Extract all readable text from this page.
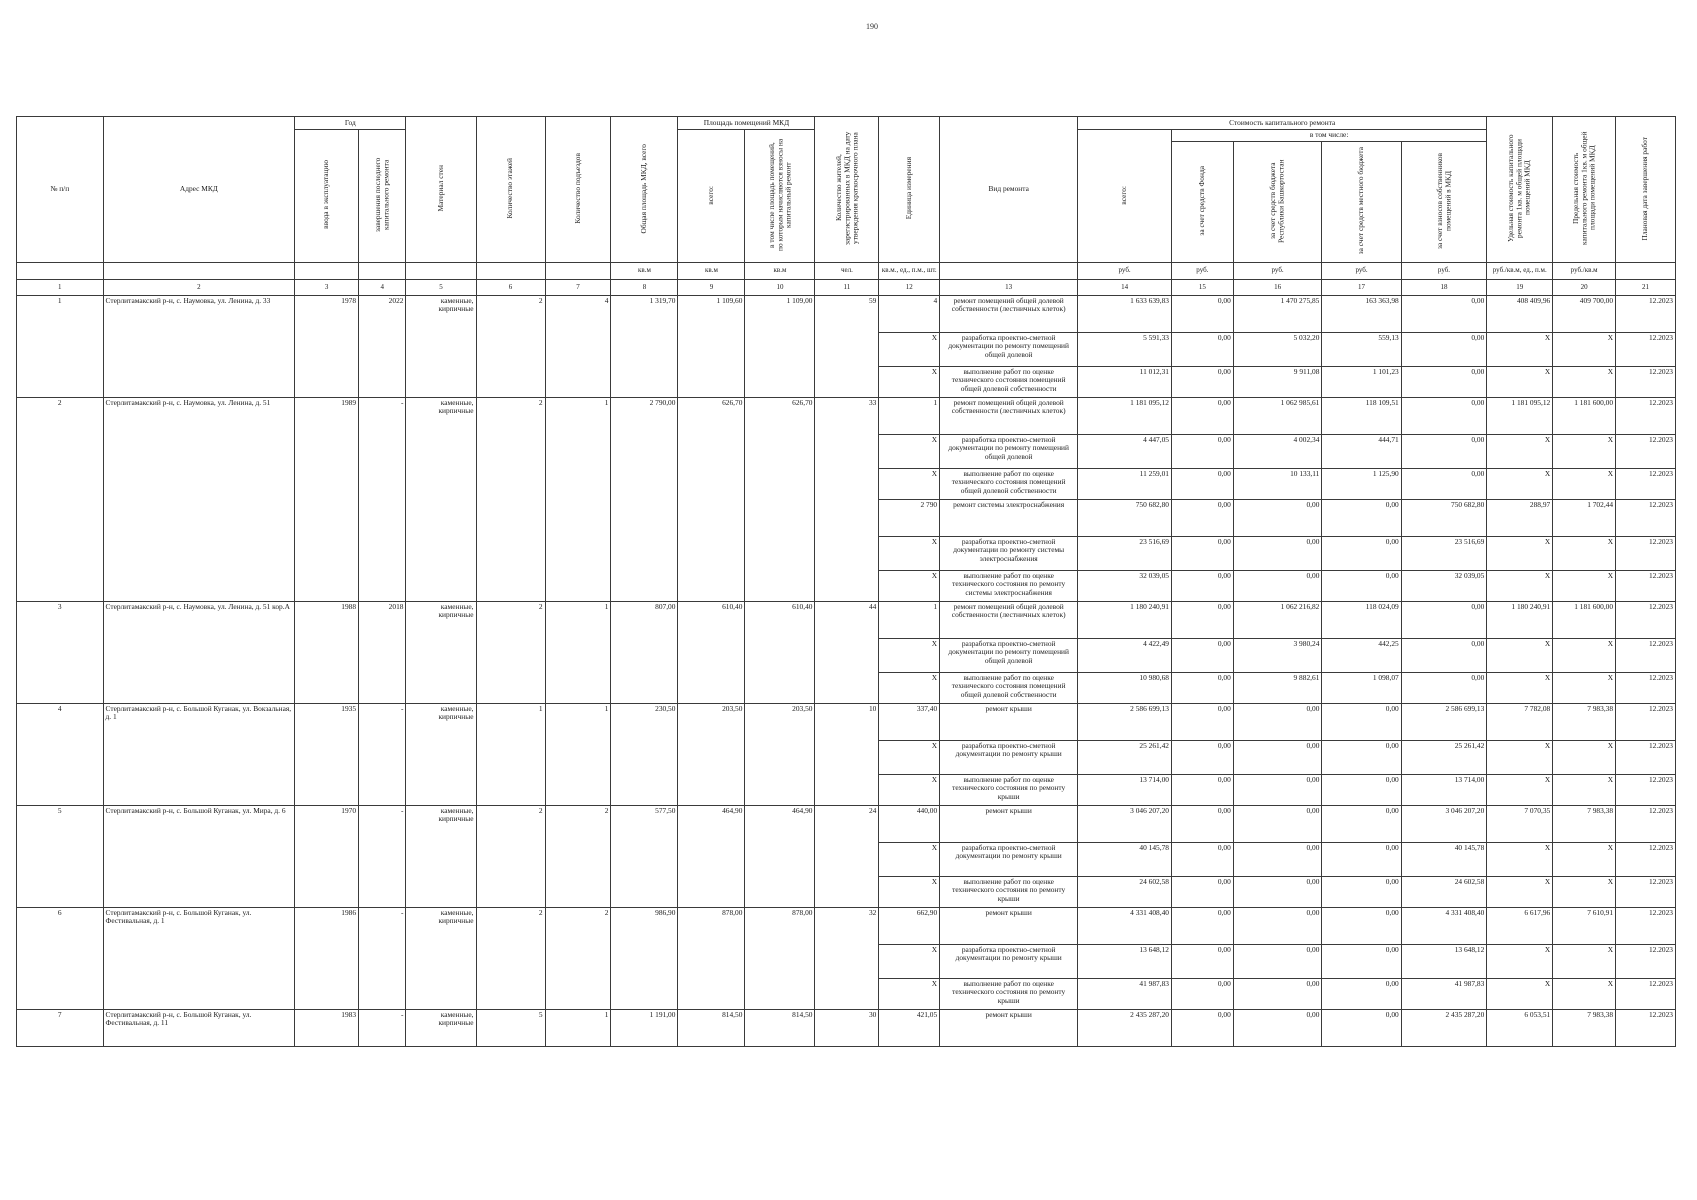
190
№ п/п	Адрес МКД	Год		Материал стен	Количество этажей	Количество подъездов	Общая площадь МКД, всего	Площадь помещений МКД		Количество жителей, зарегистрированных в МКД на дату утверждения краткосрочного плана	Единица измерения	Вид ремонта	Стоимость капитального ремонта					Удельная стоимость капитального ремонта 1кв. м общей площади помещений МКД	Предельная стоимость капитального ремонта 1кв. м общей площади помещений МКД	Плановая дата завершения работ
		ввода в эксплуатацию	завершения последнего капитального ремонта					всего:	в том числе площадь помещений, по которым начисляются взносы на капитальный ремонт				всего:	в том числе:						
														за счет средств Фонда	за счет средств бюджета Республики Башкортостан	за счет средств местного бюджета	за счет взносов собственников помещений в МКД			
							кв.м	кв.м	кв.м	чел.	кв.м., ед., п.м., шт.		руб.	руб.	руб.	руб.	руб.	руб./кв.м, ед., п.м.	руб./кв.м	
1	2	3	4	5	6	7	8	9	10	11	12	13	14	15	16	17	18	19	20	21
1	Стерлитамакский р-н, с. Наумовка, ул. Ленина, д. 33	1978	2022	каменные, кирпичные	2	4	1 319,70	1 109,60	1 109,00	59	4	ремонт помещений общей долевой собственности (лестничных клеток)	1 633 639,83	0,00	1 470 275,85	163 363,98	0,00	408 409,96	409 700,00	12.2023
											Х	разработка проектно-сметной документации по ремонту помещений общей долевой	5 591,33	0,00	5 032,20	559,13	0,00	Х	Х	12.2023
											Х	выполнение работ по оценке технического состояния помещений общей долевой собственности	11 012,31	0,00	9 911,08	1 101,23	0,00	Х	Х	12.2023
2	Стерлитамакский р-н, с. Наумовка, ул. Ленина, д. 51	1989	-	каменные, кирпичные	2	1	2 790,00	626,70	626,70	33	1	ремонт помещений общей долевой собственности (лестничных клеток)	1 181 095,12	0,00	1 062 985,61	118 109,51	0,00	1 181 095,12	1 181 600,00	12.2023
											Х	разработка проектно-сметной документации по ремонту помещений общей долевой	4 447,05	0,00	4 002,34	444,71	0,00	Х	Х	12.2023
											Х	выполнение работ по оценке технического состояния помещений общей долевой собственности	11 259,01	0,00	10 133,11	1 125,90	0,00	Х	Х	12.2023
											2 790	ремонт системы электроснабжения	750 682,80	0,00	0,00	0,00	750 682,80	288,97	1 702,44	12.2023
											Х	разработка проектно-сметной документации по ремонту системы электроснабжения	23 516,69	0,00	0,00	0,00	23 516,69	Х	Х	12.2023
											Х	выполнение работ по оценке технического состояния по ремонту системы электроснабжения	32 039,05	0,00	0,00	0,00	32 039,05	Х	Х	12.2023
3	Стерлитамакский р-н, с. Наумовка, ул. Ленина, д. 51 кор.А	1988	2018	каменные, кирпичные	2	1	807,00	610,40	610,40	44	1	ремонт помещений общей долевой собственности (лестничных клеток)	1 180 240,91	0,00	1 062 216,82	118 024,09	0,00	1 180 240,91	1 181 600,00	12.2023
											Х	разработка проектно-сметной документации по ремонту помещений общей долевой	4 422,49	0,00	3 980,24	442,25	0,00	Х	Х	12.2023
											Х	выполнение работ по оценке технического состояния помещений общей долевой собственности	10 980,68	0,00	9 882,61	1 098,07	0,00	Х	Х	12.2023
4	Стерлитамакский р-н, с. Большой Куганак, ул. Вокзальная, д. 1	1935	-	каменные, кирпичные	1	1	230,50	203,50	203,50	10	337,40	ремонт крыши	2 586 699,13	0,00	0,00	0,00	2 586 699,13	7 782,08	7 983,38	12.2023
											Х	разработка проектно-сметной документации по ремонту крыши	25 261,42	0,00	0,00	0,00	25 261,42	Х	Х	12.2023
											Х	выполнение работ по оценке технического состояния по ремонту крыши	13 714,00	0,00	0,00	0,00	13 714,00	Х	Х	12.2023
5	Стерлитамакский р-н, с. Большой Куганак, ул. Мира, д. 6	1970	-	каменные, кирпичные	2	2	577,50	464,90	464,90	24	440,00	ремонт крыши	3 046 207,20	0,00	0,00	0,00	3 046 207,20	7 070,35	7 983,38	12.2023
											Х	разработка проектно-сметной документации по ремонту крыши	40 145,78	0,00	0,00	0,00	40 145,78	Х	Х	12.2023
											Х	выполнение работ по оценке технического состояния по ремонту крыши	24 602,58	0,00	0,00	0,00	24 602,58	Х	Х	12.2023
6	Стерлитамакский р-н, с. Большой Куганак, ул. Фестивальная, д. 1	1986	-	каменные, кирпичные	2	2	986,90	878,00	878,00	32	662,90	ремонт крыши	4 331 408,40	0,00	0,00	0,00	4 331 408,40	6 617,96	7 610,91	12.2023
											Х	разработка проектно-сметной документации по ремонту крыши	13 648,12	0,00	0,00	0,00	13 648,12	Х	Х	12.2023
											Х	выполнение работ по оценке технического состояния по ремонту крыши	41 987,83	0,00	0,00	0,00	41 987,83	Х	Х	12.2023
7	Стерлитамакский р-н, с. Большой Куганак, ул. Фестивальная, д. 11	1983	-	каменные, кирпичные	5	1	1 191,00	814,50	814,50	30	421,05	ремонт крыши	2 435 287,20	0,00	0,00	0,00	2 435 287,20	6 053,51	7 983,38	12.2023
